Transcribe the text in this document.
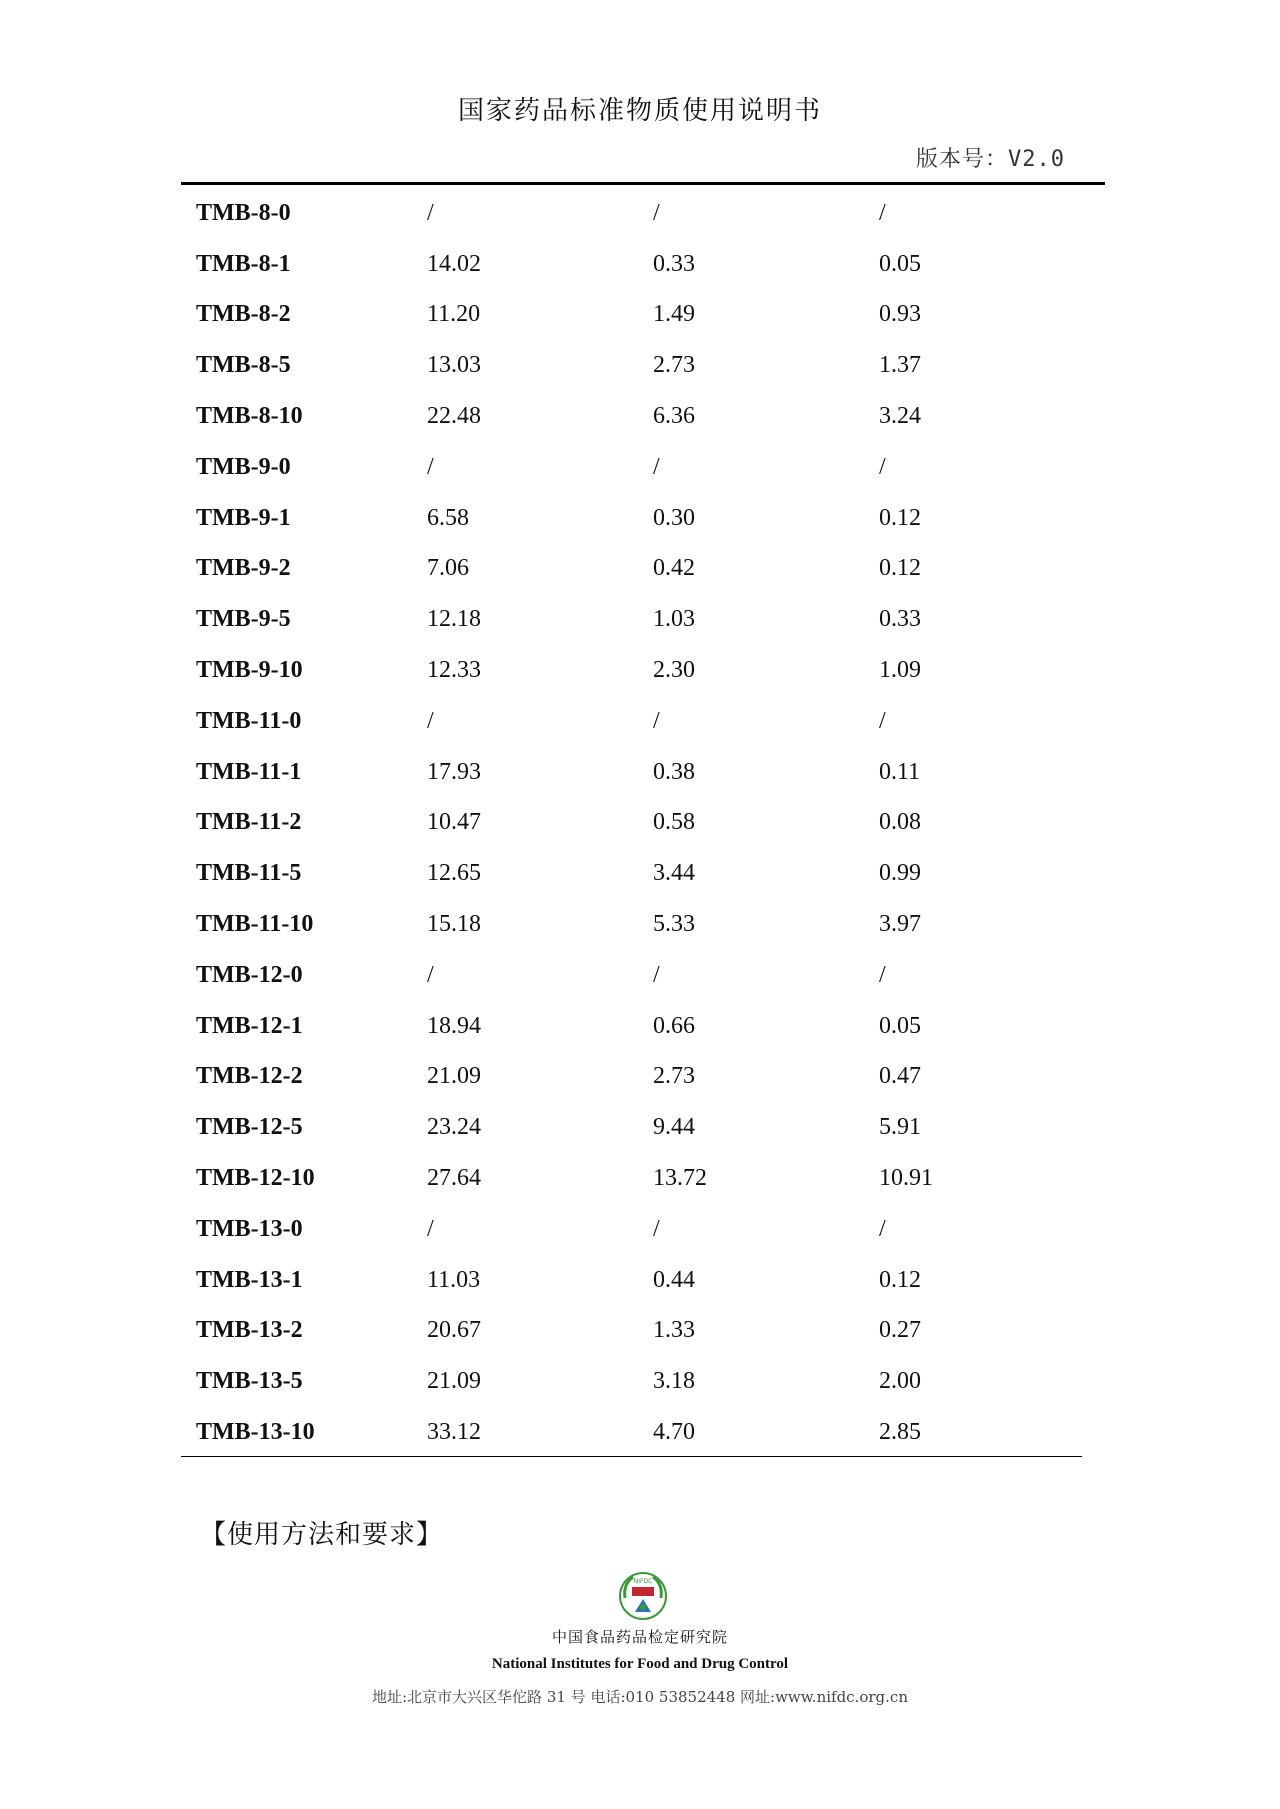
国家药品标准物质使用说明书
版本号：V2.0
TMB-8-0	/	/	/
TMB-8-1	14.02	0.33	0.05
TMB-8-2	11.20	1.49	0.93
TMB-8-5	13.03	2.73	1.37
TMB-8-10	22.48	6.36	3.24
TMB-9-0	/	/	/
TMB-9-1	6.58	0.30	0.12
TMB-9-2	7.06	0.42	0.12
TMB-9-5	12.18	1.03	0.33
TMB-9-10	12.33	2.30	1.09
TMB-11-0	/	/	/
TMB-11-1	17.93	0.38	0.11
TMB-11-2	10.47	0.58	0.08
TMB-11-5	12.65	3.44	0.99
TMB-11-10	15.18	5.33	3.97
TMB-12-0	/	/	/
TMB-12-1	18.94	0.66	0.05
TMB-12-2	21.09	2.73	0.47
TMB-12-5	23.24	9.44	5.91
TMB-12-10	27.64	13.72	10.91
TMB-13-0	/	/	/
TMB-13-1	11.03	0.44	0.12
TMB-13-2	20.67	1.33	0.27
TMB-13-5	21.09	3.18	2.00
TMB-13-10	33.12	4.70	2.85
【使用方法和要求】
NIFDC
中国食品药品检定研究院
National Institutes for Food and Drug Control
地址:北京市大兴区华佗路 31 号 电话:010 53852448 网址:www.nifdc.org.cn
